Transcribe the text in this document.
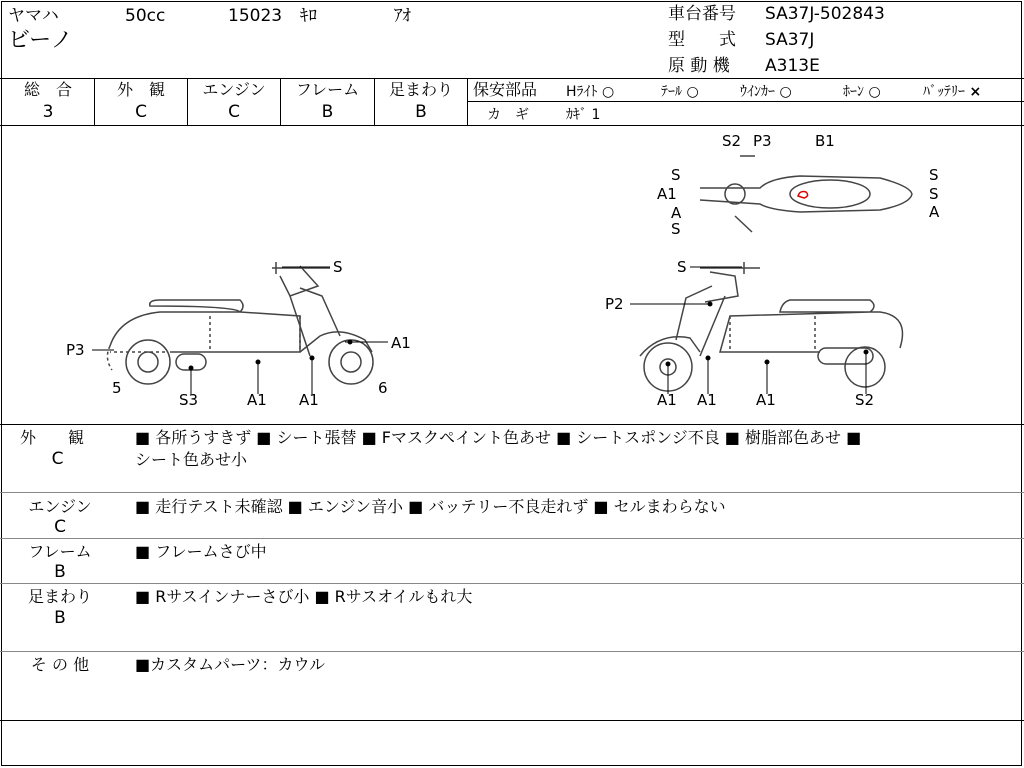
ヤマハ	50cc	15023 ｷﾛ	ｱｵ
ビーノ
車台番号 SA37J-502843
型　　式 SA37J
原 動 機 A313E
総　合	外　観	エンジン	フレーム	足まわり
3	C	C	B	B
保安部品 Hﾗｲﾄ ○	ﾃｰﾙ ○	ｳｲﾝｶｰ ○	ﾎｰﾝ ○	ﾊﾞｯﾃﾘｰ ×
カ　ギ	ｶｷﾞ 1
S
P3	A1
5
S3	A1 A1
6
S
P2
A1 A1	A1	S2
S2 P3	B1
S
A1
A
S
S
S
A
外　　観
C
■ 各所うすきず ■ シート張替 ■ Fマスクペイント色あせ ■ シートスポンジ不良 ■ 樹脂部色あせ ■
シート色あせ小
エンジン
C
■ 走行テスト未確認 ■ エンジン音小 ■ バッテリー不良走れず ■ セルまわらない
フレーム
B
■ フレームさび中
足まわり
B
■ Rサスインナーさび小 ■ Rサスオイルもれ大
そ の 他	■カスタムパーツ：カウル
